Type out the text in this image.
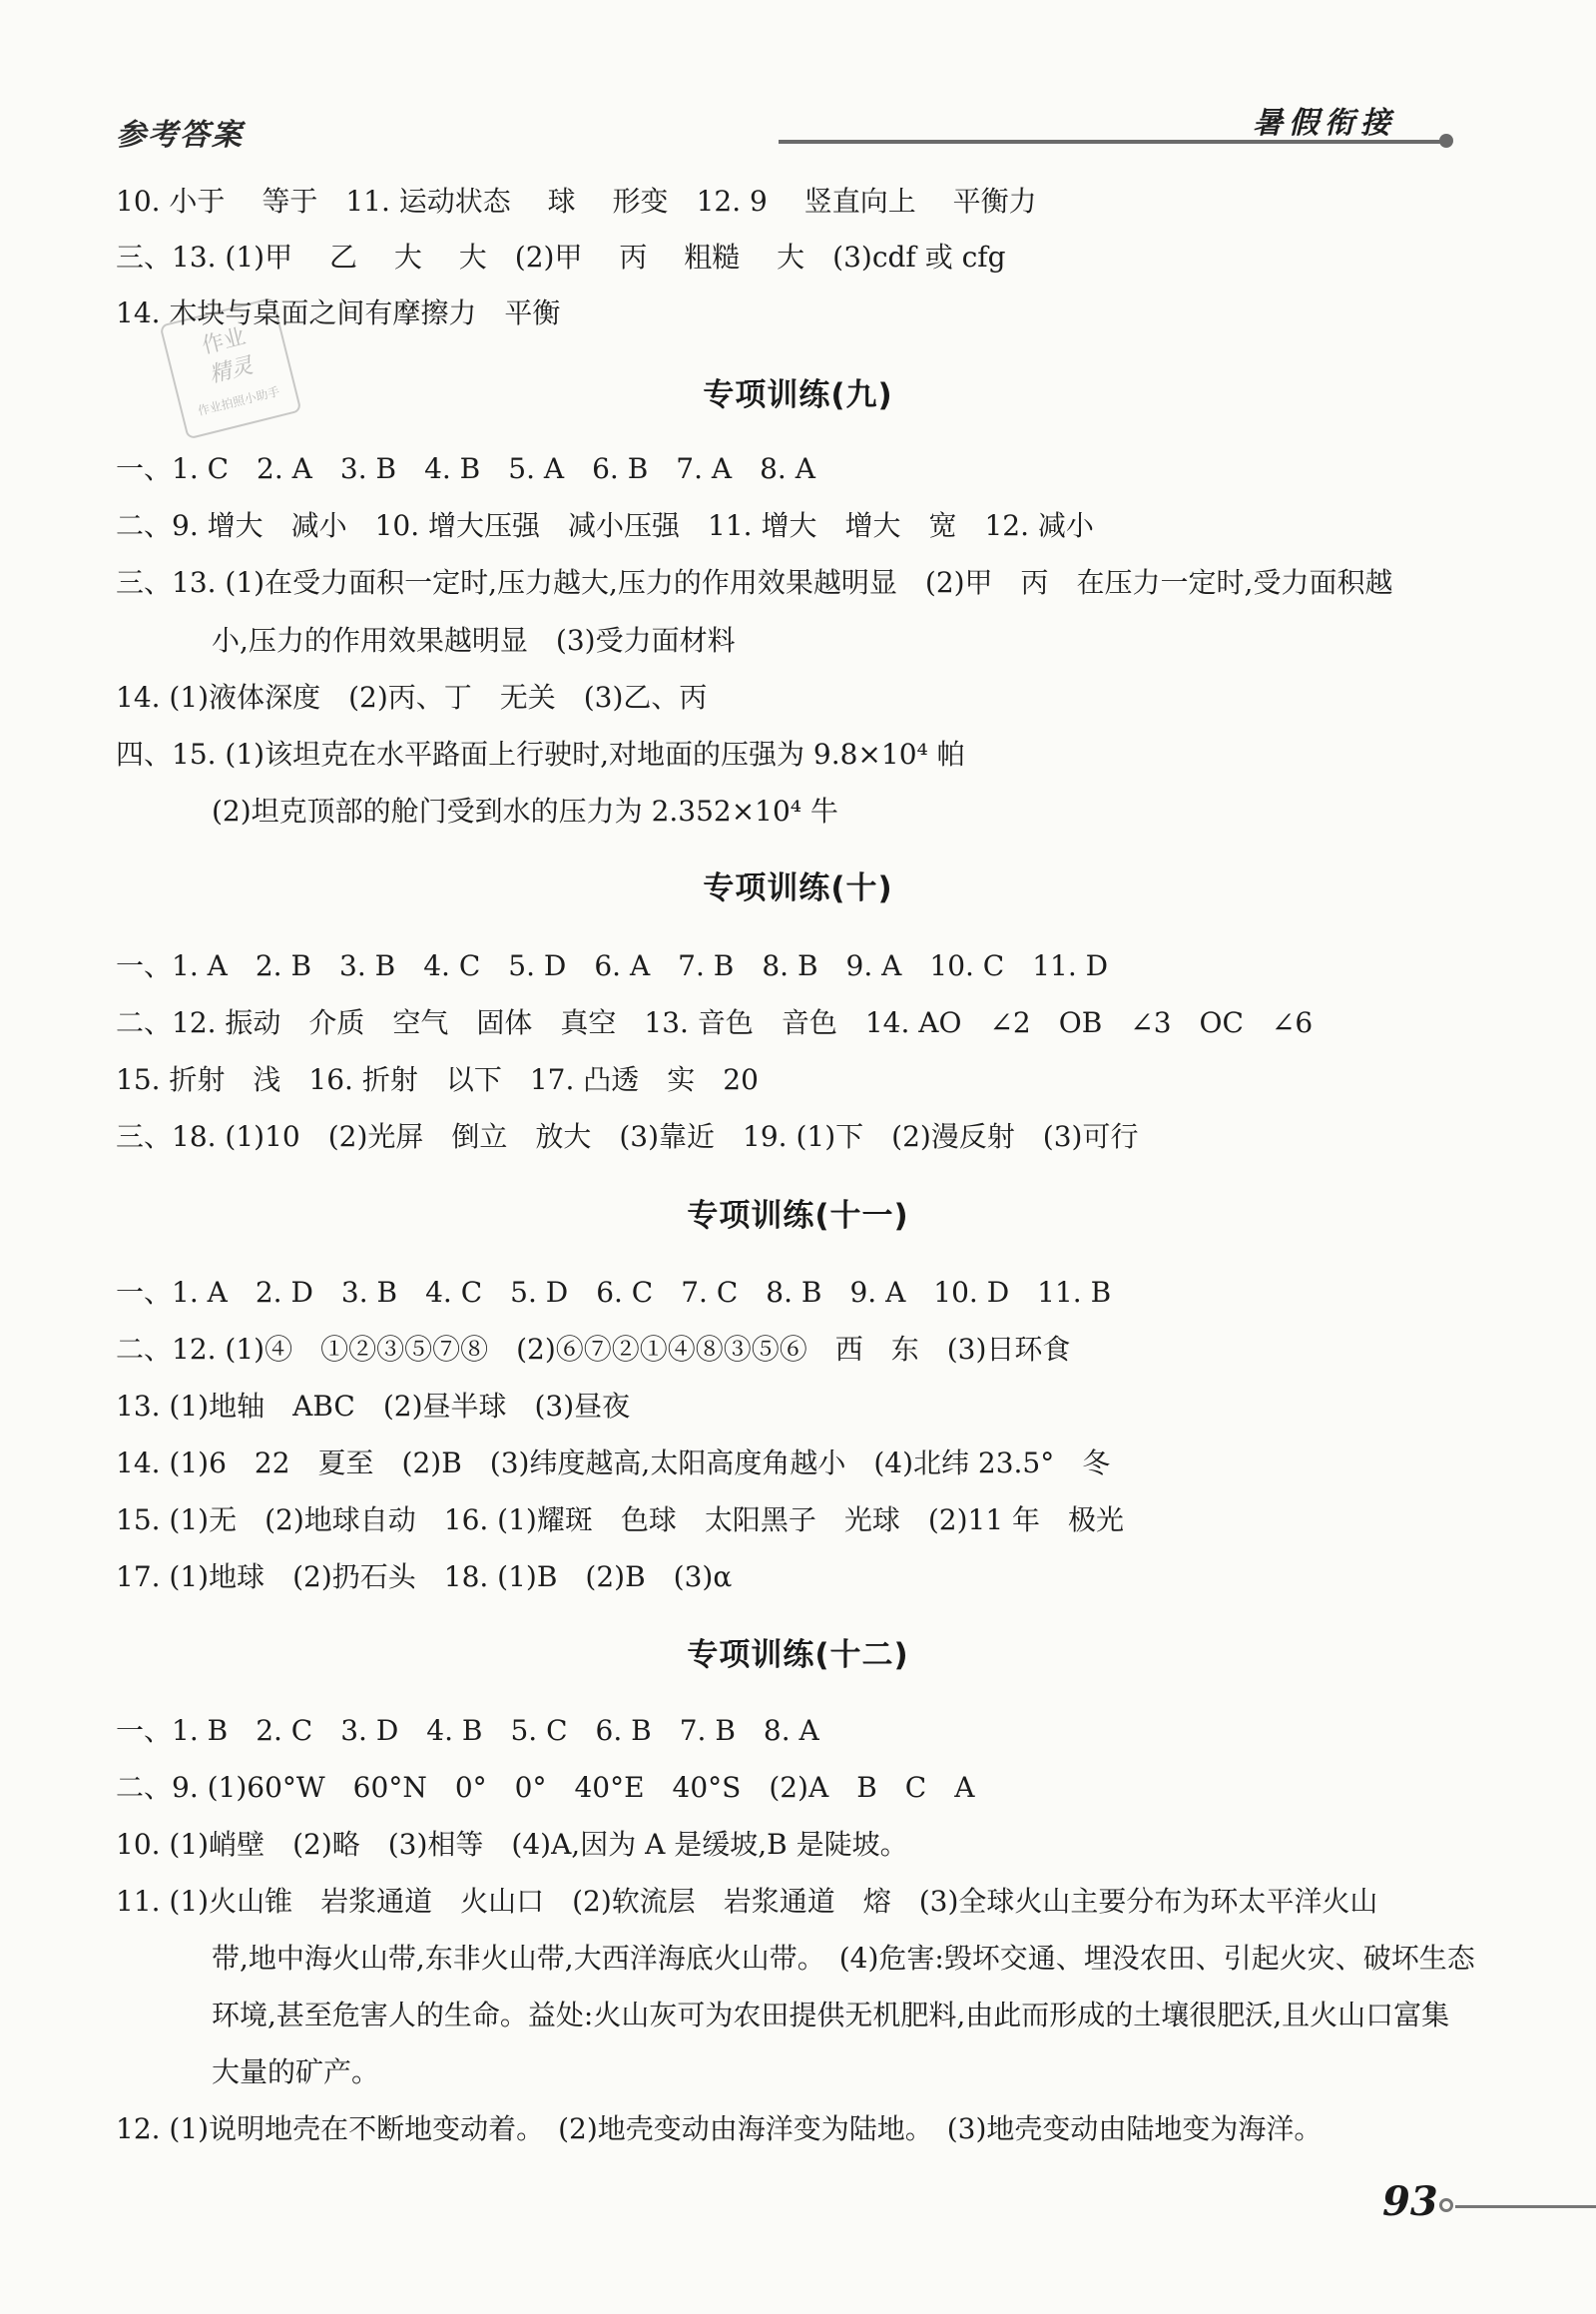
参考答案	暑假衔接
作业
精灵
作业拍照小助手
10. 小于　 等于　11. 运动状态　 球　 形变　12. 9　 竖直向上　 平衡力
三、13. (1)甲　 乙　 大　 大　(2)甲　 丙　 粗糙　 大　(3)cdf 或 cfg
14. 木块与桌面之间有摩擦力　平衡
专项训练(九)
一、1. C　2. A　3. B　4. B　5. A　6. B　7. A　8. A
二、9. 增大　减小　10. 增大压强　减小压强　11. 增大　增大　宽　12. 减小
三、13. (1)在受力面积一定时,压力越大,压力的作用效果越明显　(2)甲　丙　在压力一定时,受力面积越
小,压力的作用效果越明显　(3)受力面材料
14. (1)液体深度　(2)丙、丁　无关　(3)乙、丙
四、15. (1)该坦克在水平路面上行驶时,对地面的压强为 9.8×10⁴ 帕
(2)坦克顶部的舱门受到水的压力为 2.352×10⁴ 牛
专项训练(十)
一、1. A　2. B　3. B　4. C　5. D　6. A　7. B　8. B　9. A　10. C　11. D
二、12. 振动　介质　空气　固体　真空　13. 音色　音色　14. AO　∠2　OB　∠3　OC　∠6
15. 折射　浅　16. 折射　以下　17. 凸透　实　20
三、18. (1)10　(2)光屏　倒立　放大　(3)靠近　19. (1)下　(2)漫反射　(3)可行
专项训练(十一)
一、1. A　2. D　3. B　4. C　5. D　6. C　7. C　8. B　9. A　10. D　11. B
二、12. (1)④　①②③⑤⑦⑧　(2)⑥⑦②①④⑧③⑤⑥　西　东　(3)日环食
13. (1)地轴　ABC　(2)昼半球　(3)昼夜
14. (1)6　22　夏至　(2)B　(3)纬度越高,太阳高度角越小　(4)北纬 23.5°　冬
15. (1)无　(2)地球自动　16. (1)耀斑　色球　太阳黑子　光球　(2)11 年　极光
17. (1)地球　(2)扔石头　18. (1)B　(2)B　(3)α
专项训练(十二)
一、1. B　2. C　3. D　4. B　5. C　6. B　7. B　8. A
二、9. (1)60°W　60°N　0°　0°　40°E　40°S　(2)A　B　C　A
10. (1)峭壁　(2)略　(3)相等　(4)A,因为 A 是缓坡,B 是陡坡。
11. (1)火山锥　岩浆通道　火山口　(2)软流层　岩浆通道　熔　(3)全球火山主要分布为环太平洋火山
带,地中海火山带,东非火山带,大西洋海底火山带。　(4)危害:毁坏交通、埋没农田、引起火灾、破坏生态
环境,甚至危害人的生命。益处:火山灰可为农田提供无机肥料,由此而形成的土壤很肥沃,且火山口富集
大量的矿产。
12. (1)说明地壳在不断地变动着。　(2)地壳变动由海洋变为陆地。　(3)地壳变动由陆地变为海洋。
93
